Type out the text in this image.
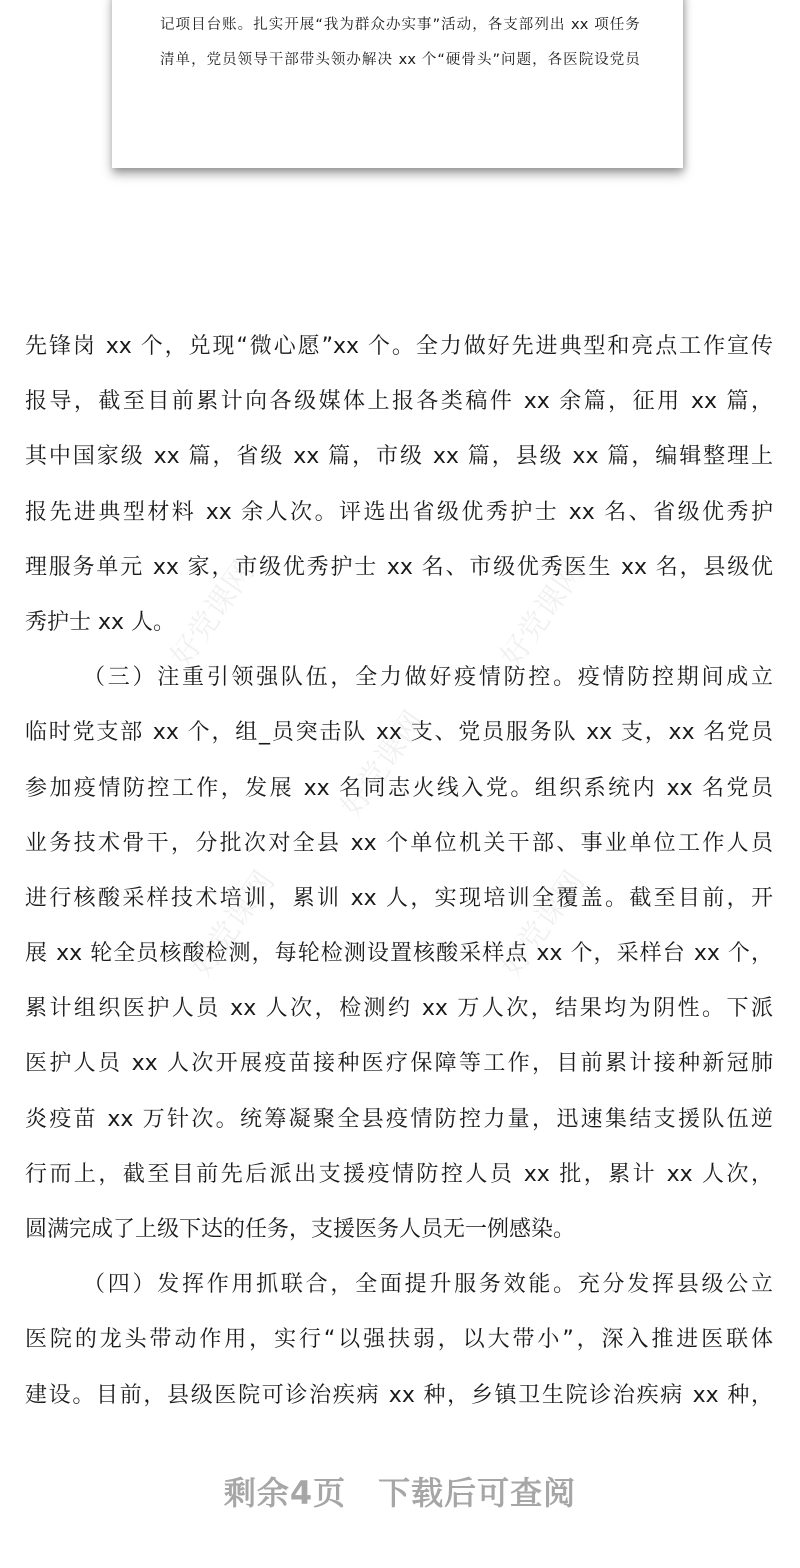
记项目台账。扎实开展“我为群众办实事”活动，各支部列出 xx 项任务
清单，党员领导干部带头领办解决 xx 个“硬骨头”问题，各医院设党员
好党课网	好党课网
好党课网
好党课网	好党课网
先锋岗 xx 个，兑现“微心愿”xx 个。全力做好先进典型和亮点工作宣传
报导，截至目前累计向各级媒体上报各类稿件 xx 余篇，征用 xx 篇，
其中国家级 xx 篇，省级 xx 篇，市级 xx 篇，县级 xx 篇，编辑整理上
报先进典型材料 xx 余人次。评选出省级优秀护士 xx 名、省级优秀护
理服务单元 xx 家，市级优秀护士 xx 名、市级优秀医生 xx 名，县级优
秀护士 xx 人。
（三）注重引领强队伍，全力做好疫情防控。疫情防控期间成立
临时党支部 xx 个，组_员突击队 xx 支、党员服务队 xx 支，xx 名党员
参加疫情防控工作，发展 xx 名同志火线入党。组织系统内 xx 名党员
业务技术骨干，分批次对全县 xx 个单位机关干部、事业单位工作人员
进行核酸采样技术培训，累训 xx 人，实现培训全覆盖。截至目前，开
展 xx 轮全员核酸检测，每轮检测设置核酸采样点 xx 个，采样台 xx 个，
累计组织医护人员 xx 人次，检测约 xx 万人次，结果均为阴性。下派
医护人员 xx 人次开展疫苗接种医疗保障等工作，目前累计接种新冠肺
炎疫苗 xx 万针次。统筹凝聚全县疫情防控力量，迅速集结支援队伍逆
行而上，截至目前先后派出支援疫情防控人员 xx 批，累计 xx 人次，
圆满完成了上级下达的任务，支援医务人员无一例感染。
（四）发挥作用抓联合，全面提升服务效能。充分发挥县级公立
医院的龙头带动作用，实行“以强扶弱，以大带小”，深入推进医联体
建设。目前，县级医院可诊治疾病 xx 种，乡镇卫生院诊治疾病 xx 种，
剩余4页 下载后可查阅
